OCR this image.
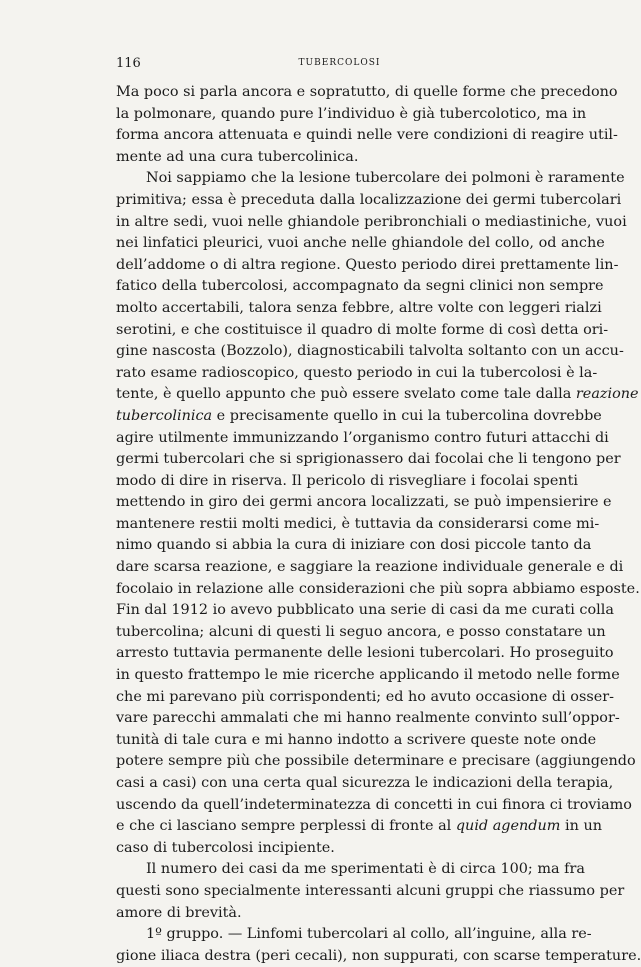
116	TUBERCOLOSI
Ma poco si parla ancora e sopratutto, di quelle forme che precedono
la polmonare, quando pure l’individuo è già tubercolotico, ma in
forma ancora attenuata e quindi nelle vere condizioni di reagire util-
mente ad una cura tubercolinica.
Noi sappiamo che la lesione tubercolare dei polmoni è raramente
primitiva; essa è preceduta dalla localizzazione dei germi tubercolari
in altre sedi, vuoi nelle ghiandole peribronchiali o mediastiniche, vuoi
nei linfatici pleurici, vuoi anche nelle ghiandole del collo, od anche
dell’addome o di altra regione. Questo periodo direi prettamente lin-
fatico della tubercolosi, accompagnato da segni clinici non sempre
molto accertabili, talora senza febbre, altre volte con leggeri rialzi
serotini, e che costituisce il quadro di molte forme di così detta ori-
gine nascosta (Bozzolo), diagnosticabili talvolta soltanto con un accu-
rato esame radioscopico, questo periodo in cui la tubercolosi è la-
tente, è quello appunto che può essere svelato come tale dalla reazione
tubercolinica e precisamente quello in cui la tubercolina dovrebbe
agire utilmente immunizzando l’organismo contro futuri attacchi di
germi tubercolari che si sprigionassero dai focolai che li tengono per
modo di dire in riserva. Il pericolo di risvegliare i focolai spenti
mettendo in giro dei germi ancora localizzati, se può impensierire e
mantenere restii molti medici, è tuttavia da considerarsi come mi-
nimo quando si abbia la cura di iniziare con dosi piccole tanto da
dare scarsa reazione, e saggiare la reazione individuale generale e di
focolaio in relazione alle considerazioni che più sopra abbiamo esposte.
Fin dal 1912 io avevo pubblicato una serie di casi da me curati colla
tubercolina; alcuni di questi li seguo ancora, e posso constatare un
arresto tuttavia permanente delle lesioni tubercolari. Ho proseguito
in questo frattempo le mie ricerche applicando il metodo nelle forme
che mi parevano più corrispondenti; ed ho avuto occasione di osser-
vare parecchi ammalati che mi hanno realmente convinto sull’oppor-
tunità di tale cura e mi hanno indotto a scrivere queste note onde
potere sempre più che possibile determinare e precisare (aggiungendo
casi a casi) con una certa qual sicurezza le indicazioni della terapia,
uscendo da quell’indeterminatezza di concetti in cui finora ci troviamo
e che ci lasciano sempre perplessi di fronte al quid agendum in un
caso di tubercolosi incipiente.
Il numero dei casi da me sperimentati è di circa 100; ma fra
questi sono specialmente interessanti alcuni gruppi che riassumo per
amore di brevità.
1º gruppo. — Linfomi tubercolari al collo, all’inguine, alla re-
gione iliaca destra (peri cecali), non suppurati, con scarse temperature.
